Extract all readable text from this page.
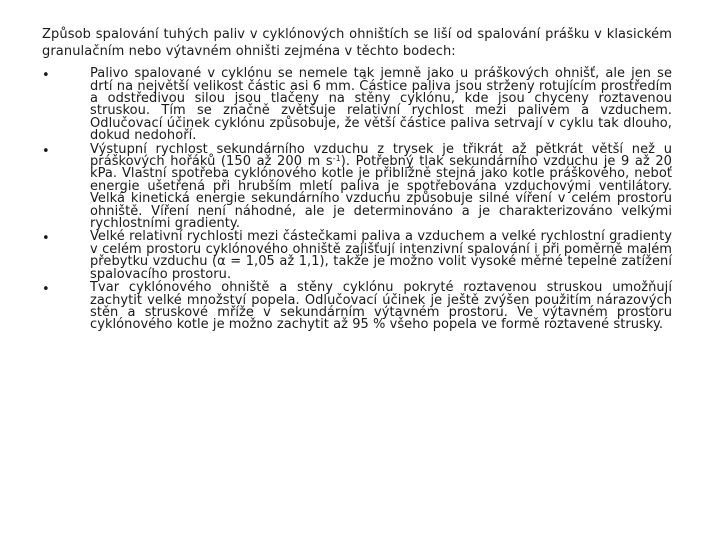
Způsob spalování tuhých paliv v cyklónových ohništích se liší od spalování prášku v klasickém granulačním nebo výtavném ohništi zejména v těchto bodech:

•	Palivo spalované v cyklónu se nemele tak jemně jako u práškových ohnišť, ale jen se drtí na největší velikost částic asi 6 mm. Částice paliva jsou strženy rotujícím prostředím a odstředivou silou jsou tlačeny na stěny cyklónu, kde jsou chyceny roztavenou struskou. Tím se značně zvětšuje relativní rychlost mezi palivem a vzduchem. Odlučovací účinek cyklónu způsobuje, že větší částice paliva setrvají v cyklu tak dlouho, dokud nedohoří.
•	Výstupní rychlost sekundárního vzduchu z trysek je třikrát až pětkrát větší než u práškových hořáků (150 až 200 m $s^{-1}$). Potřebný tlak sekundárního vzduchu je 9 až 20 kPa. Vlastní spotřeba cyklónového kotle je přibližně stejná jako kotle práškového, neboť energie ušetřená při hrubším mletí paliva je spotřebována vzduchovými ventilátory. Velká kinetická energie sekundárního vzduchu způsobuje silné víření v celém prostoru ohniště. Víření není náhodné, ale je determinováno a je charakterizováno velkými rychlostními gradienty.
•	Velké relativní rychlosti mezi částečkami paliva a vzduchem a velké rychlostní gradienty v celém prostoru cyklónového ohniště zajišťují intenzivní spalování i při poměrně malém přebytku vzduchu (α = 1,05 až 1,1), takže je možno volit vysoké měrné tepelné zatížení spalovacího prostoru.
•	Tvar cyklónového ohniště a stěny cyklónu pokryté roztavenou struskou umožňují zachytit velké množství popela. Odlučovací účinek je ještě zvýšen použitím nárazových stěn a struskové mříže v sekundárním výtavném prostoru. Ve výtavném prostoru cyklónového kotle je možno zachytit až 95 % všeho popela ve formě roztavené strusky.
